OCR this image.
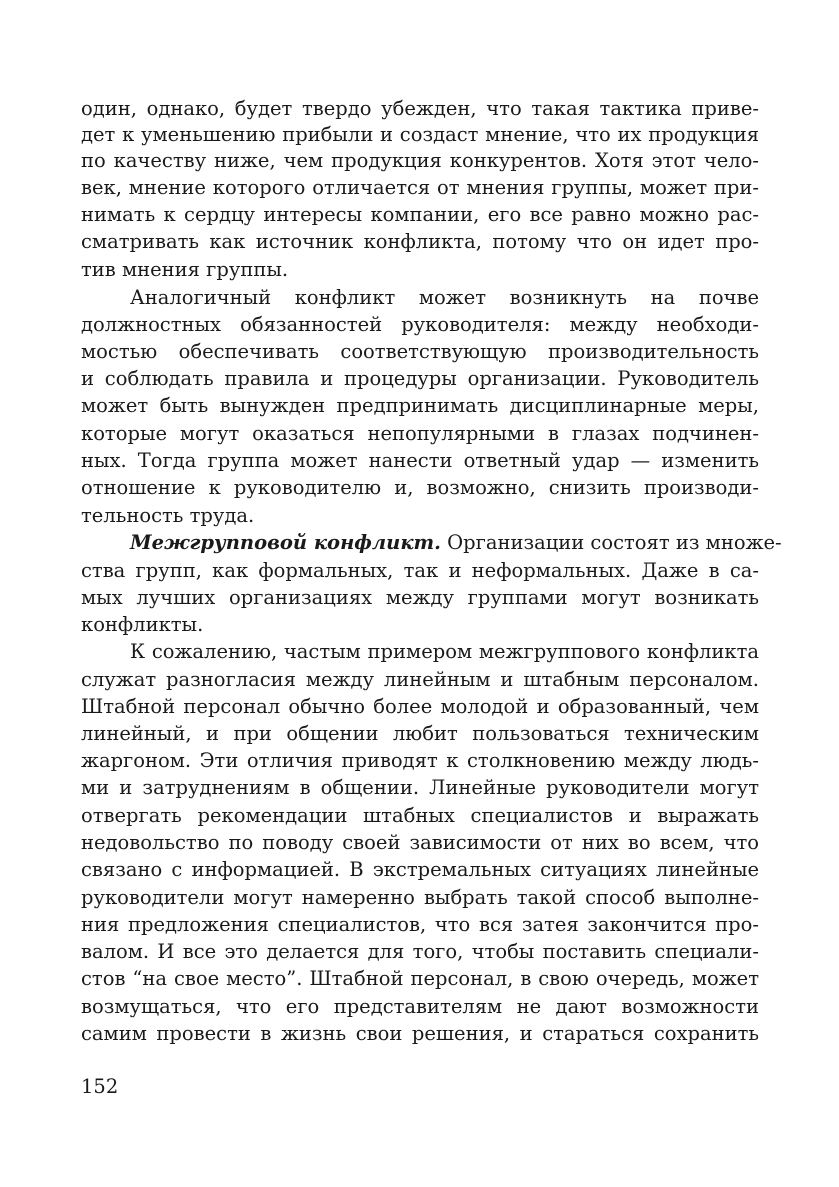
один, однако, будет твердо убежден, что такая тактика приве-
дет к уменьшению прибыли и создаст мнение, что их продукция
по качеству ниже, чем продукция конкурентов. Хотя этот чело-
век, мнение которого отличается от мнения группы, может при-
нимать к сердцу интересы компании, его все равно можно рас-
сматривать как источник конфликта, потому что он идет про-
тив мнения группы.
Аналогичный конфликт может возникнуть на почве
должностных обязанностей руководителя: между необходи-
мостью обеспечивать соответствующую производительность
и соблюдать правила и процедуры организации. Руководитель
может быть вынужден предпринимать дисциплинарные меры,
которые могут оказаться непопулярными в глазах подчинен-
ных. Тогда группа может нанести ответный удар — изменить
отношение к руководителю и, возможно, снизить производи-
тельность труда.
Межгрупповой конфликт. Организации состоят из множе-
ства групп, как формальных, так и неформальных. Даже в са-
мых лучших организациях между группами могут возникать
конфликты.
К сожалению, частым примером межгруппового конфликта
служат разногласия между линейным и штабным персоналом.
Штабной персонал обычно более молодой и образованный, чем
линейный, и при общении любит пользоваться техническим
жаргоном. Эти отличия приводят к столкновению между людь-
ми и затруднениям в общении. Линейные руководители могут
отвергать рекомендации штабных специалистов и выражать
недовольство по поводу своей зависимости от них во всем, что
связано с информацией. В экстремальных ситуациях линейные
руководители могут намеренно выбрать такой способ выполне-
ния предложения специалистов, что вся затея закончится про-
валом. И все это делается для того, чтобы поставить специали-
стов “на свое место”. Штабной персонал, в свою очередь, может
возмущаться, что его представителям не дают возможности
самим провести в жизнь свои решения, и стараться сохранить
152
